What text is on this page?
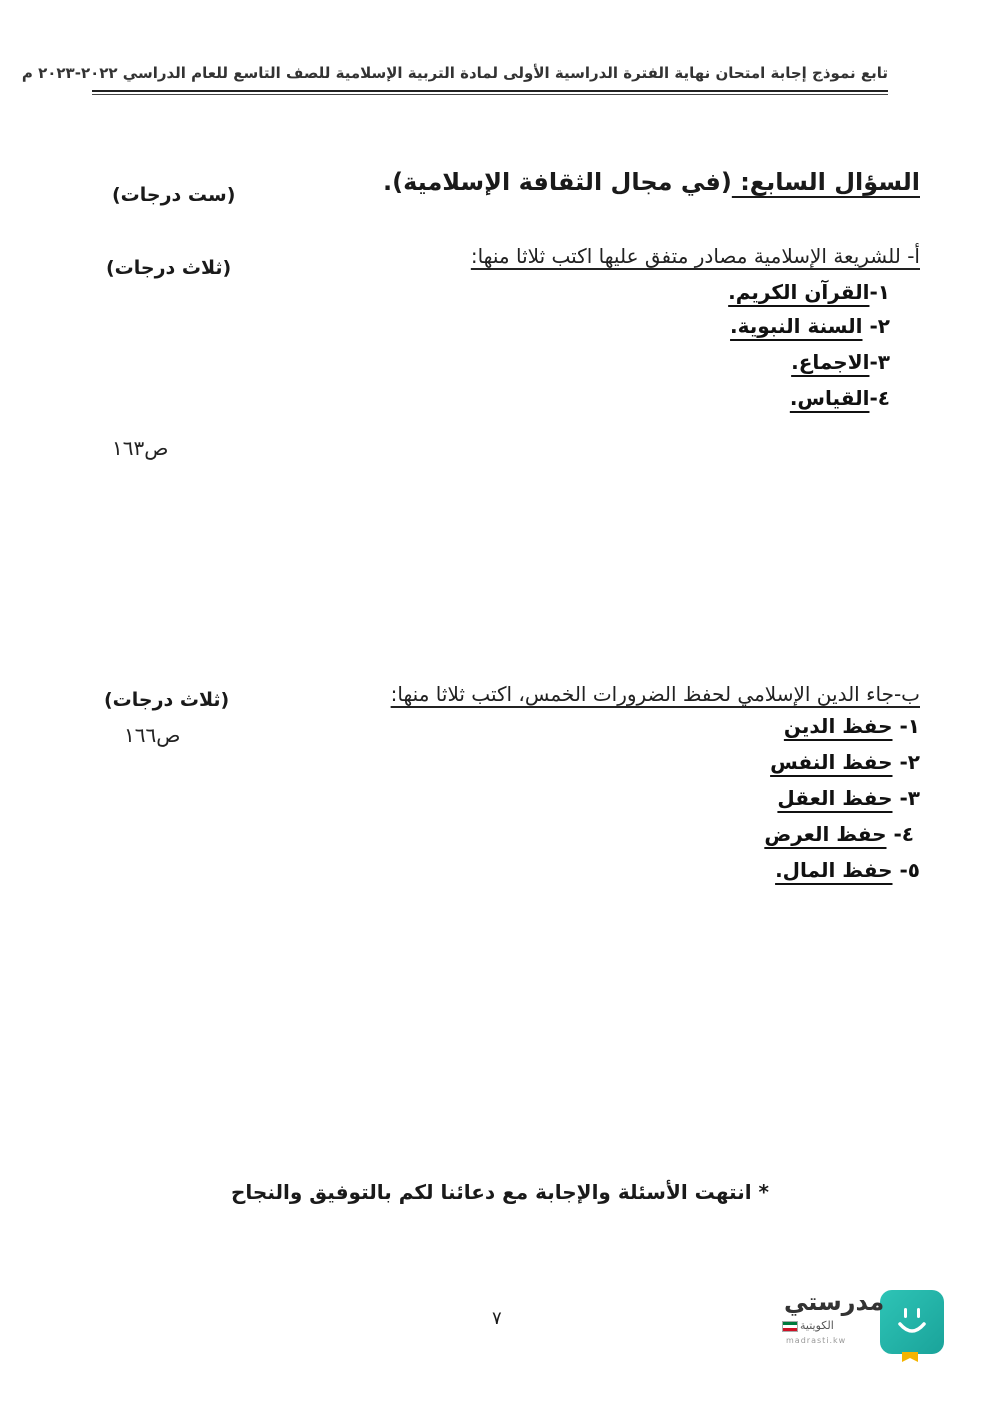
تابع نموذج إجابة امتحان نهاية الفترة الدراسية الأولى لمادة التربية الإسلامية للصف التاسع للعام الدراسي ٢٠٢٢-٢٠٢٣ م
السؤال السابع: (في مجال الثقافة الإسلامية).
(ست درجات)
أ- للشريعة الإسلامية مصادر متفق عليها اكتب ثلاثا منها:
(ثلاث درجات)
١-القرآن الكريم.
٢- السنة النبوية.
٣-الاجماع.
٤-القياس.
ص١٦٣
ب-جاء الدين الإسلامي لحفظ الضرورات الخمس، اكتب ثلاثا منها:
(ثلاث درجات)
ص١٦٦	١- حفظ الدين
٢- حفظ النفس
٣- حفظ العقل
٤- حفظ العرض
٥- حفظ المال.
* انتهت الأسئلة والإجابة مع دعائنا لكم بالتوفيق والنجاح
٧
مدرستي
الكويتية
madrasti.kw
